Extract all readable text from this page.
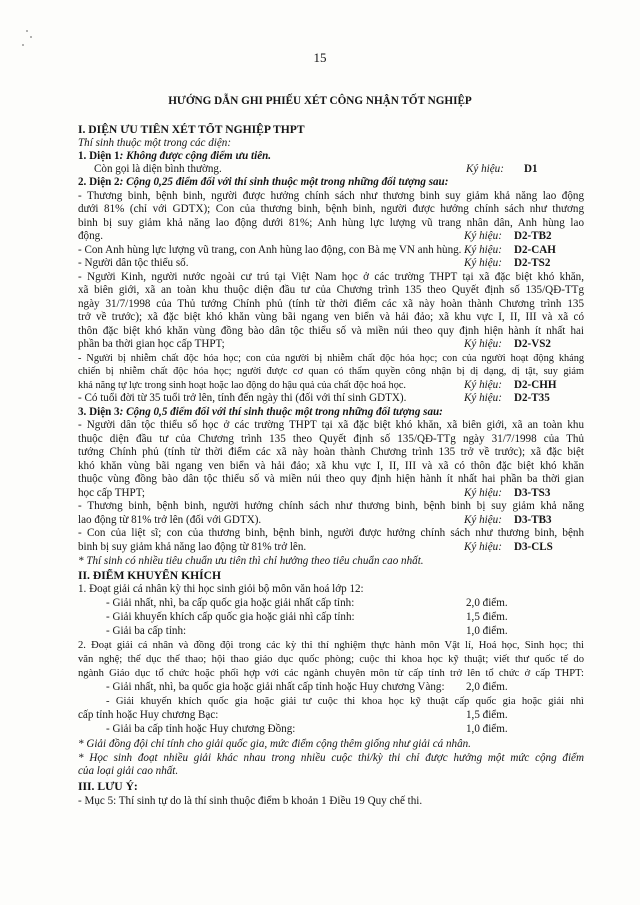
15
HƯỚNG DẪN GHI PHIẾU XÉT CÔNG NHẬN TỐT NGHIỆP
I. DIỆN ƯU TIÊN XÉT TỐT NGHIỆP THPT
Thí sinh thuộc một trong các diện:
1. Diện 1: Không được cộng điểm ưu tiên.
Còn gọi là diện bình thường.	Ký hiệu: D1
2. Diện 2: Cộng 0,25 điểm đối với thí sinh thuộc một trong những đối tượng sau:
- Thương binh, bệnh binh, người được hưởng chính sách như thương binh suy giảm khả năng lao động
dưới 81% (chỉ với GDTX); Con của thương binh, bệnh binh, người được hưởng chính sách như thương
binh bị suy giảm khả năng lao động dưới 81%; Anh hùng lực lượng vũ trang nhân dân, Anh hùng lao
động.	Ký hiệu: D2-TB2
- Con Anh hùng lực lượng vũ trang, con Anh hùng lao động, con Bà mẹ VN anh hùng. Ký hiệu: D2-CAH
- Người dân tộc thiểu số.	Ký hiệu: D2-TS2
- Người Kinh, người nước ngoài cư trú tại Việt Nam học ở các trường THPT tại xã đặc biệt khó khăn,
xã biên giới, xã an toàn khu thuộc diện đầu tư của Chương trình 135 theo Quyết định số 135/QĐ-TTg
ngày 31/7/1998 của Thủ tướng Chính phủ (tính từ thời điểm các xã này hoàn thành Chương trình 135
trở về trước); xã đặc biệt khó khăn vùng bãi ngang ven biển và hải đảo; xã khu vực I, II, III và xã có
thôn đặc biệt khó khăn vùng đồng bào dân tộc thiểu số và miền núi theo quy định hiện hành ít nhất hai
phần ba thời gian học cấp THPT;	Ký hiệu: D2-VS2
- Người bị nhiễm chất độc hóa học; con của người bị nhiễm chất độc hóa học; con của người hoạt động kháng
chiến bị nhiễm chất độc hóa học; người được cơ quan có thẩm quyền công nhận bị dị dạng, dị tật, suy giảm
khả năng tự lực trong sinh hoạt hoặc lao động do hậu quả của chất độc hoá học.	Ký hiệu: D2-CHH
- Có tuổi đời từ 35 tuổi trở lên, tính đến ngày thi (đối với thí sinh GDTX).	Ký hiệu: D2-T35
3. Diện 3: Cộng 0,5 điểm đối với thí sinh thuộc một trong những đối tượng sau:
- Người dân tộc thiểu số học ở các trường THPT tại xã đặc biệt khó khăn, xã biên giới, xã an toàn khu
thuộc diện đầu tư của Chương trình 135 theo Quyết định số 135/QĐ-TTg ngày 31/7/1998 của Thủ
tướng Chính phủ (tính từ thời điểm các xã này hoàn thành Chương trình 135 trở về trước); xã đặc biệt
khó khăn vùng bãi ngang ven biển và hải đảo; xã khu vực I, II, III và xã có thôn đặc biệt khó khăn
thuộc vùng đồng bào dân tộc thiểu số và miền núi theo quy định hiện hành ít nhất hai phần ba thời gian
học cấp THPT;	Ký hiệu: D3-TS3
- Thương binh, bệnh binh, người hưởng chính sách như thương binh, bệnh binh bị suy giảm khả năng
lao động từ 81% trở lên (đối với GDTX).	Ký hiệu: D3-TB3
- Con của liệt sĩ; con của thương binh, bệnh binh, người được hưởng chính sách như thương binh, bệnh
binh bị suy giảm khả năng lao động từ 81% trở lên.	Ký hiệu: D3-CLS
* Thí sinh có nhiều tiêu chuẩn ưu tiên thì chỉ hưởng theo tiêu chuẩn cao nhất.
II. ĐIỂM KHUYẾN KHÍCH
1. Đoạt giải cá nhân kỳ thi học sinh giỏi bộ môn văn hoá lớp 12:
- Giải nhất, nhì, ba cấp quốc gia hoặc giải nhất cấp tỉnh:	2,0 điểm.
- Giải khuyến khích cấp quốc gia hoặc giải nhì cấp tỉnh:	1,5 điểm.
- Giải ba cấp tỉnh:	1,0 điểm.
2. Đoạt giải cá nhân và đồng đội trong các kỳ thi thí nghiệm thực hành môn Vật lí, Hoá học, Sinh học; thi
văn nghệ; thể dục thể thao; hội thao giáo dục quốc phòng; cuộc thi khoa học kỹ thuật; viết thư quốc tế do
ngành Giáo dục tổ chức hoặc phối hợp với các ngành chuyên môn từ cấp tỉnh trở lên tổ chức ở cấp THPT:
- Giải nhất, nhì, ba quốc gia hoặc giải nhất cấp tỉnh hoặc Huy chương Vàng: 2,0 điểm.
- Giải khuyến khích quốc gia hoặc giải tư cuộc thi khoa học kỹ thuật cấp quốc gia hoặc giải nhì
cấp tỉnh hoặc Huy chương Bạc:	1,5 điểm.
- Giải ba cấp tỉnh hoặc Huy chương Đồng:	1,0 điểm.
* Giải đồng đội chỉ tính cho giải quốc gia, mức điểm cộng thêm giống như giải cá nhân.
* Học sinh đoạt nhiều giải khác nhau trong nhiều cuộc thi/kỳ thi chỉ được hưởng một mức cộng điểm
của loại giải cao nhất.
III. LƯU Ý:
- Mục 5: Thí sinh tự do là thí sinh thuộc điểm b khoản 1 Điều 19 Quy chế thi.
